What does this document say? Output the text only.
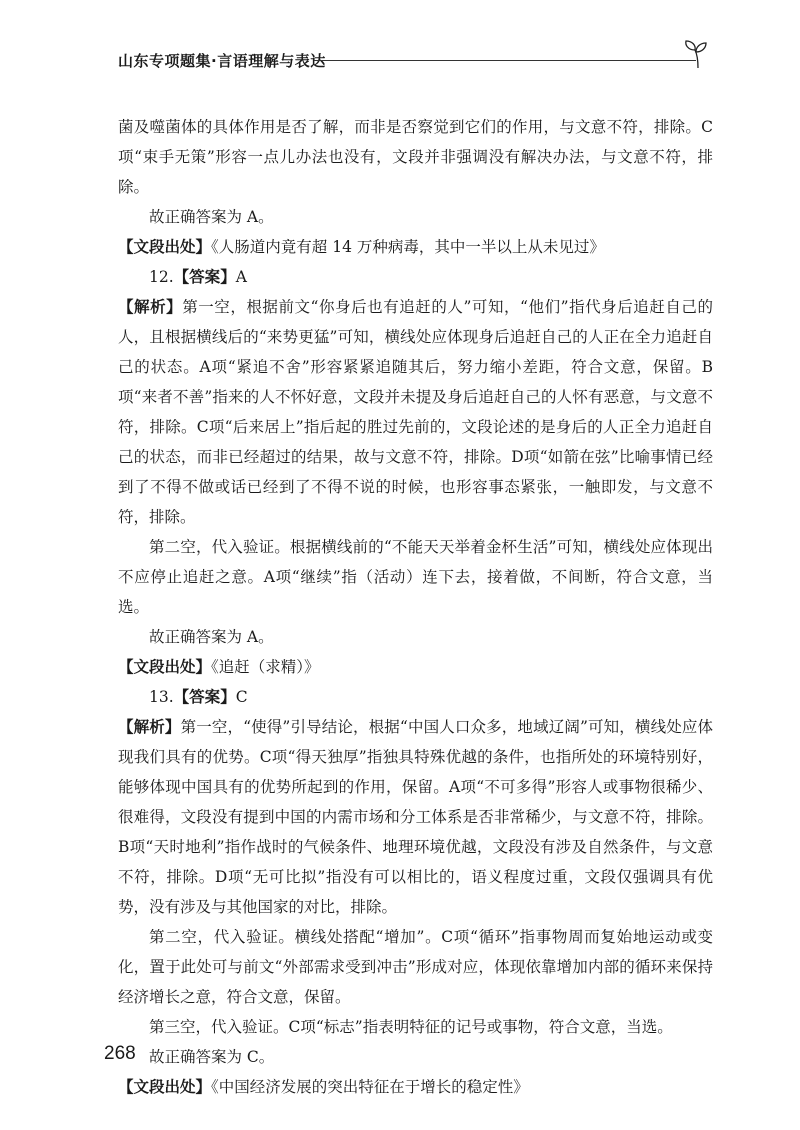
山东专项题集·言语理解与表达

菌及噬菌体的具体作用是否了解，而非是否察觉到它们的作用，与文意不符，排除。C项“束手无策”形容一点儿办法也没有，文段并非强调没有解决办法，与文意不符，排除。

故正确答案为 A。

【文段出处】《人肠道内竟有超 14 万种病毒，其中一半以上从未见过》

12.【答案】A

【解析】第一空，根据前文“你身后也有追赶的人”可知，“他们”指代身后追赶自己的人，且根据横线后的“来势更猛”可知，横线处应体现身后追赶自己的人正在全力追赶自己的状态。A项“紧追不舍”形容紧紧追随其后，努力缩小差距，符合文意，保留。B项“来者不善”指来的人不怀好意，文段并未提及身后追赶自己的人怀有恶意，与文意不符，排除。C项“后来居上”指后起的胜过先前的，文段论述的是身后的人正全力追赶自己的状态，而非已经超过的结果，故与文意不符，排除。D项“如箭在弦”比喻事情已经到了不得不做或话已经到了不得不说的时候，也形容事态紧张，一触即发，与文意不符，排除。

第二空，代入验证。根据横线前的“不能天天举着金杯生活”可知，横线处应体现出不应停止追赶之意。A项“继续”指（活动）连下去，接着做，不间断，符合文意，当选。

故正确答案为 A。

【文段出处】《追赶（求精）》

13.【答案】C

【解析】第一空，“使得”引导结论，根据“中国人口众多，地域辽阔”可知，横线处应体现我们具有的优势。C项“得天独厚”指独具特殊优越的条件，也指所处的环境特别好，能够体现中国具有的优势所起到的作用，保留。A项“不可多得”形容人或事物很稀少、很难得，文段没有提到中国的内需市场和分工体系是否非常稀少，与文意不符，排除。B项“天时地利”指作战时的气候条件、地理环境优越，文段没有涉及自然条件，与文意不符，排除。D项“无可比拟”指没有可以相比的，语义程度过重，文段仅强调具有优势，没有涉及与其他国家的对比，排除。

第二空，代入验证。横线处搭配“增加”。C项“循环”指事物周而复始地运动或变化，置于此处可与前文“外部需求受到冲击”形成对应，体现依靠增加内部的循环来保持经济增长之意，符合文意，保留。

第三空，代入验证。C项“标志”指表明特征的记号或事物，符合文意，当选。

故正确答案为 C。

【文段出处】《中国经济发展的突出特征在于增长的稳定性》

268
